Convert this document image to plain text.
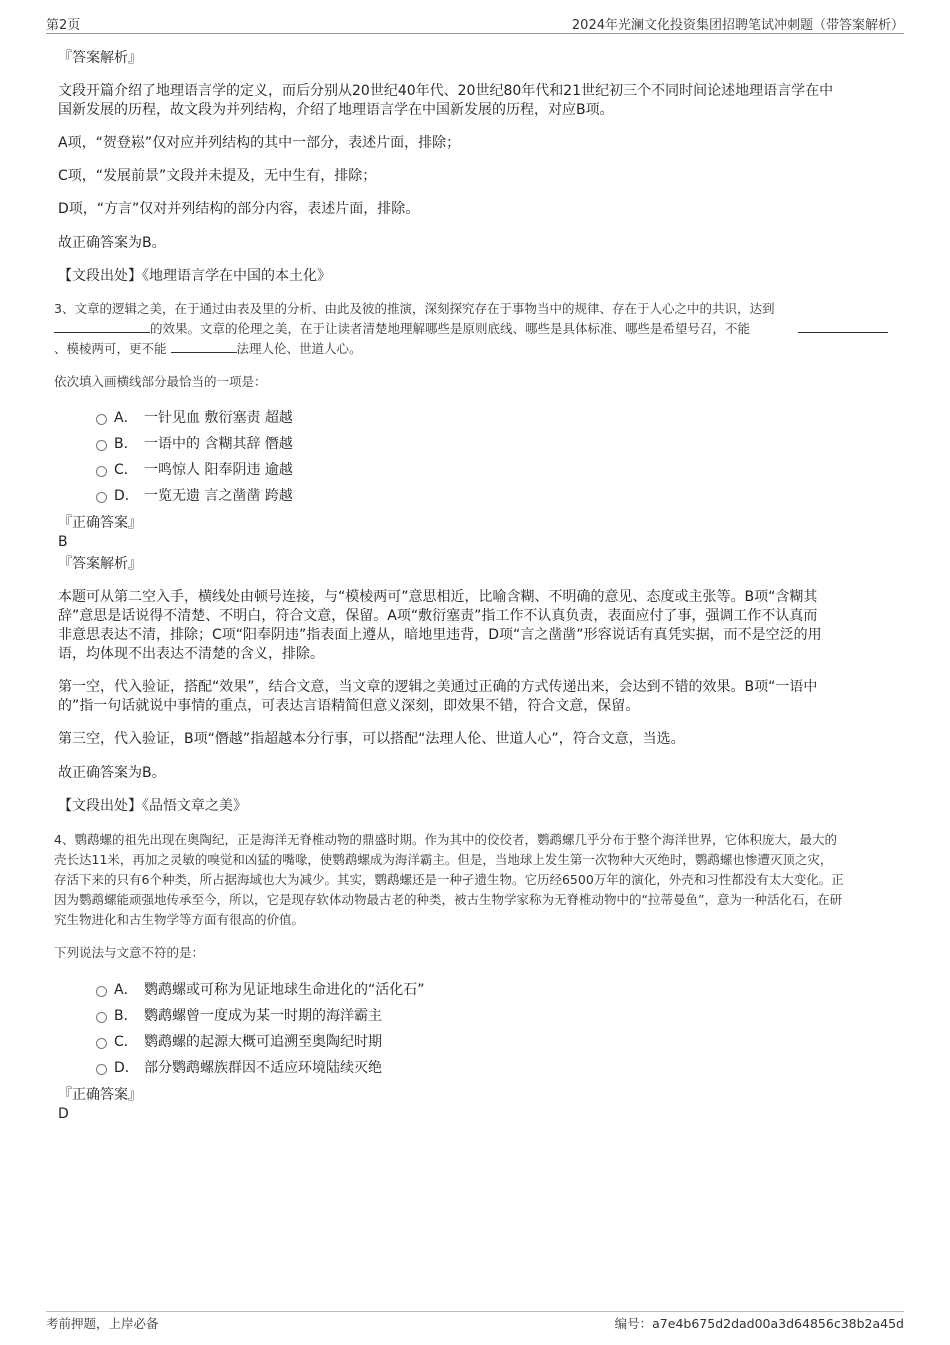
第2页	2024年光澜文化投资集团招聘笔试冲刺题（带答案解析）
『答案解析』
文段开篇介绍了地理语言学的定义，而后分别从20世纪40年代、20世纪80年代和21世纪初三个不同时间论述地理语言学在中
国新发展的历程，故文段为并列结构，介绍了地理语言学在中国新发展的历程，对应B项。
A项，“贺登崧”仅对应并列结构的其中一部分，表述片面，排除；
C项，“发展前景”文段并未提及，无中生有，排除；
D项，“方言”仅对并列结构的部分内容，表述片面，排除。
故正确答案为B。
【文段出处】《地理语言学在中国的本土化》
3、文章的逻辑之美，在于通过由表及里的分析、由此及彼的推演，深刻探究存在于事物当中的规律、存在于人心之中的共识，达到
的效果。文章的伦理之美，在于让读者清楚地理解哪些是原则底线、哪些是具体标准、哪些是希望号召，不能
、模棱两可，更不能	法理人伦、世道人心。
依次填入画横线部分最恰当的一项是：
A． 一针见血 敷衍塞责 超越
B． 一语中的 含糊其辞 僭越
C． 一鸣惊人 阳奉阴违 逾越
D． 一览无遗 言之凿凿 跨越
『正确答案』
B
『答案解析』
本题可从第二空入手，横线处由顿号连接，与“模棱两可”意思相近，比喻含糊、不明确的意见、态度或主张等。B项“含糊其
辞”意思是话说得不清楚、不明白，符合文意，保留。A项“敷衍塞责”指工作不认真负责，表面应付了事，强调工作不认真而
非意思表达不清，排除；C项“阳奉阴违”指表面上遵从，暗地里违背，D项“言之凿凿”形容说话有真凭实据，而不是空泛的用
语，均体现不出表达不清楚的含义，排除。
第一空，代入验证，搭配“效果”，结合文意，当文章的逻辑之美通过正确的方式传递出来，会达到不错的效果。B项“一语中
的”指一句话就说中事情的重点，可表达言语精简但意义深刻，即效果不错，符合文意，保留。
第三空，代入验证，B项“僭越”指超越本分行事，可以搭配“法理人伦、世道人心”，符合文意，当选。
故正确答案为B。
【文段出处】《品悟文章之美》
4、鹦鹉螺的祖先出现在奥陶纪，正是海洋无脊椎动物的鼎盛时期。作为其中的佼佼者，鹦鹉螺几乎分布于整个海洋世界，它体积庞大，最大的
壳长达11米，再加之灵敏的嗅觉和凶猛的嘴喙，使鹦鹉螺成为海洋霸主。但是，当地球上发生第一次物种大灭绝时，鹦鹉螺也惨遭灭顶之灾，
存活下来的只有6个种类，所占据海域也大为减少。其实，鹦鹉螺还是一种孑遗生物。它历经6500万年的演化，外壳和习性都没有太大变化。正
因为鹦鹉螺能顽强地传承至今，所以，它是现存软体动物最古老的种类，被古生物学家称为无脊椎动物中的“拉蒂曼鱼”，意为一种活化石，在研
究生物进化和古生物学等方面有很高的价值。
下列说法与文意不符的是：
A． 鹦鹉螺或可称为见证地球生命进化的“活化石”
B． 鹦鹉螺曾一度成为某一时期的海洋霸主
C． 鹦鹉螺的起源大概可追溯至奥陶纪时期
D． 部分鹦鹉螺族群因不适应环境陆续灭绝
『正确答案』
D
考前押题，上岸必备	编号：a7e4b675d2dad00a3d64856c38b2a45d
